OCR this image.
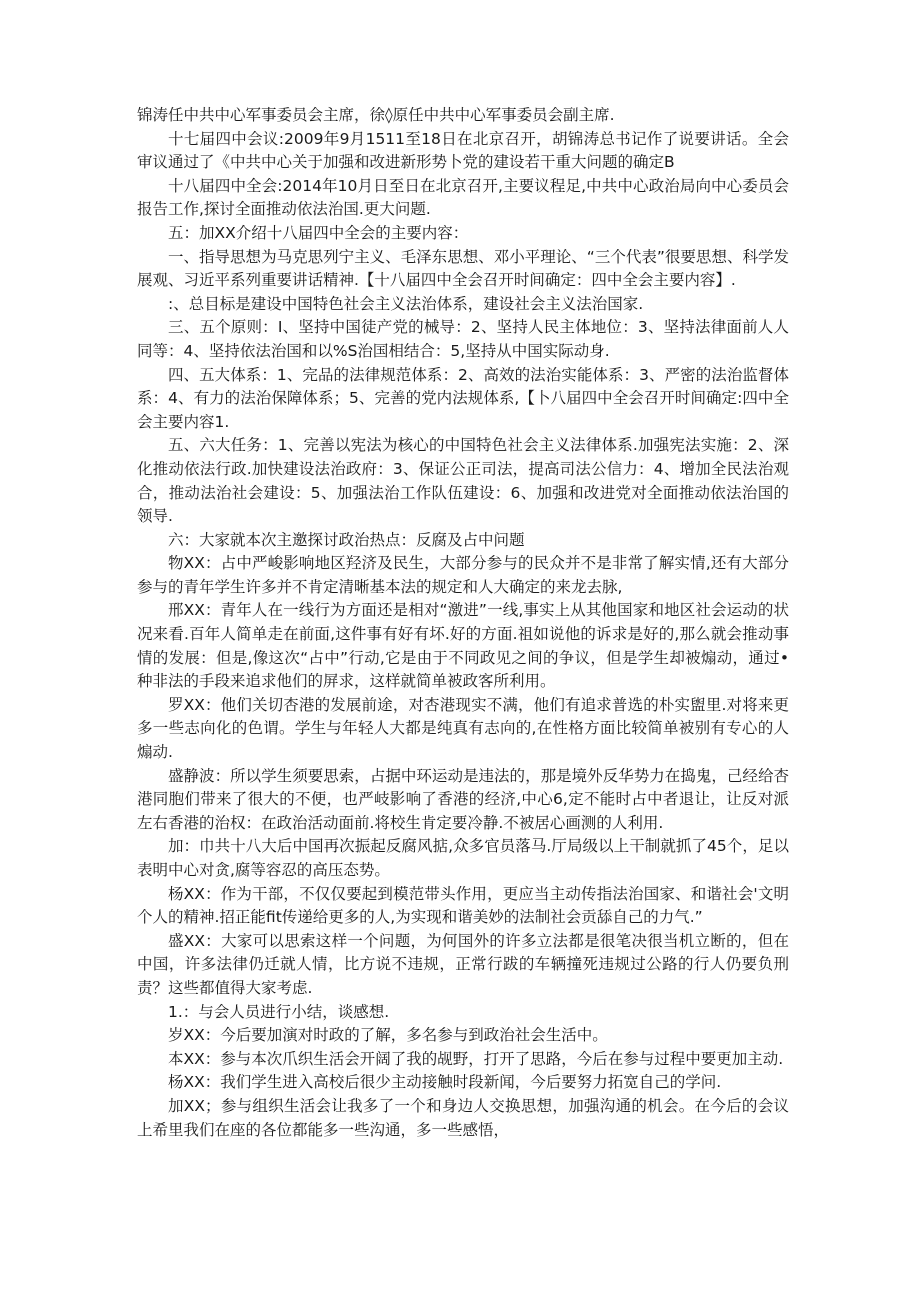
锦涛任中共中心军事委员会主席，徐◊原任中共中心军事委员会副主席.

十七届四中会议:2009年9月1511至18日在北京召开，胡锦涛总书记作了说要讲话。全会审议通过了《中共中心关于加强和改进新形势卜党的建设若干重大问题的确定B

十八届四中全会:2014年10月日至日在北京召开,主要议程足,中共中心政治局向中心委员会报告工作,探讨全面推动依法治国.更大问题.

五：加XX介绍十八届四中全会的主要内容：

一、指导思想为马克思列宁主义、毛泽东思想、邓小平理论、“三个代表”很要思想、科学发展观、习近平系列重要讲话精神.【十八届四中全会召开时间确定：四中全会主要内容】.

:、总目标是建设中国特色社会主义法治体系，建设社会主义法治国家.

三、五个原则：I、坚持中国徒产党的械导：2、坚持人民主体地位：3、坚持法律面前人人同等：4、坚持依法治国和以%S治国相结合：5,坚持从中国实际动身.

四、五大体系：1、完品的法律规范体系：2、高效的法治实能体系：3、严密的法治监督体系：4、有力的法治保障体系；5、完善的党内法规体系,【卜八届四中全会召开时间确定:四中全会主要内容1.

五、六大任务：1、完善以宪法为核心的中国特色社会主义法律体系.加强宪法实施：2、深化推动依法行政.加快建设法治政府：3、保证公正司法，提高司法公信力：4、增加全民法治观合，推动法治社会建设：5、加强法治工作队伍建设：6、加强和改进党对全面推动依法治国的领导.

六：大家就本次主邀探讨政治热点：反腐及占中问题

物XX：占中严峻影响地区羟济及民生，大部分参与的民众并不是非常了解实情,还有大部分参与的青年学生许多并不肯定清晰基本法的规定和人大确定的来龙去脉,

邢XX：青年人在一线行为方面还是相对“激进”一线,事实上从其他国家和地区社会运动的状况来看.百年人简单走在前面,这件事有好有坏.好的方面.祖如说他的诉求是好的,那么就会推动事情的发展：但是,像这次“占中”行动,它是由于不同政见之间的争议，但是学生却被煽动，通过•种非法的手段来追求他们的屏求，这样就简单被政客所利用。

罗XX：他们关切杏港的发展前途，对杏港现实不满，他们有追求普选的朴实盥里.对将来更多一些志向化的色谓。学生与年轻人大都是纯真有志向的,在性格方面比较简单被别有专心的人煽动.

盛静波：所以学生须要思索，占据中环运动是违法的，那是境外反华势力在捣鬼，己经给杏港同胞们带来了很大的不便，也严岐影响了香港的经济,中心6,定不能时占中者退让，让反对派左右香港的治权：在政治活动面前.将校生肯定要冷静.不被居心画测的人利用.

加：巾共十八大后中国再次振起反腐风掂,众多官员落马.厅局级以上干制就抓了45个，足以表明中心对贪,腐等容忍的高压态势。

杨XX：作为干部，不仅仅要起到模范带头作用，更应当主动传指法治国家、和谐社会'文明个人的精神.招正能fit传递给更多的人,为实现和谐美妙的法制社会贡舔自己的力气.”

盛XX：大家可以思索这样一个问题，为何国外的许多立法都是很笔决很当机立断的，但在中国，许多法律仍迁就人情，比方说不违规，正常行跋的车辆撞死违规过公路的行人仍要负刑责？这些都值得大家考虑.

1.：与会人员进行小结，谈感想.

岁XX：今后要加演对时政的了解，多名参与到政治社会生活中。

本XX：参与本次爪织生活会开阔了我的觇野，打开了思路，今后在参与过程中要更加主动.

杨XX：我们学生进入高校后很少主动接触时段新闻，今后要努力拓宽自己的学问.

加XX；参与组织生活会让我多了一个和身边人交换思想，加强沟通的机会。在今后的会议上希里我们在座的各位都能多一些沟通，多一些感悟，
